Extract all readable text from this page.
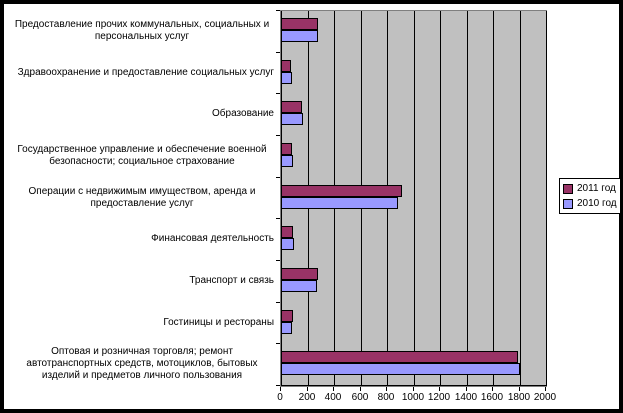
Предоставление прочих коммунальных, социальных и персональных услуг
Здравоохранение и предоставление социальных услуг
Образование
Государственное управление и обеспечение военной безопасности; социальное страхование
Операции с недвижимым имуществом, аренда и предоставление услуг
Финансовая деятельность
Транспорт и связь
Гостиницы и рестораны
Оптовая и розничная торговля; ремонт автотранспортных средств, мотоциклов, бытовых изделий и предметов личного пользования
0	200 400	600 800 1000 1200 1400 1600 1800 2000
2011 год
2010 год
